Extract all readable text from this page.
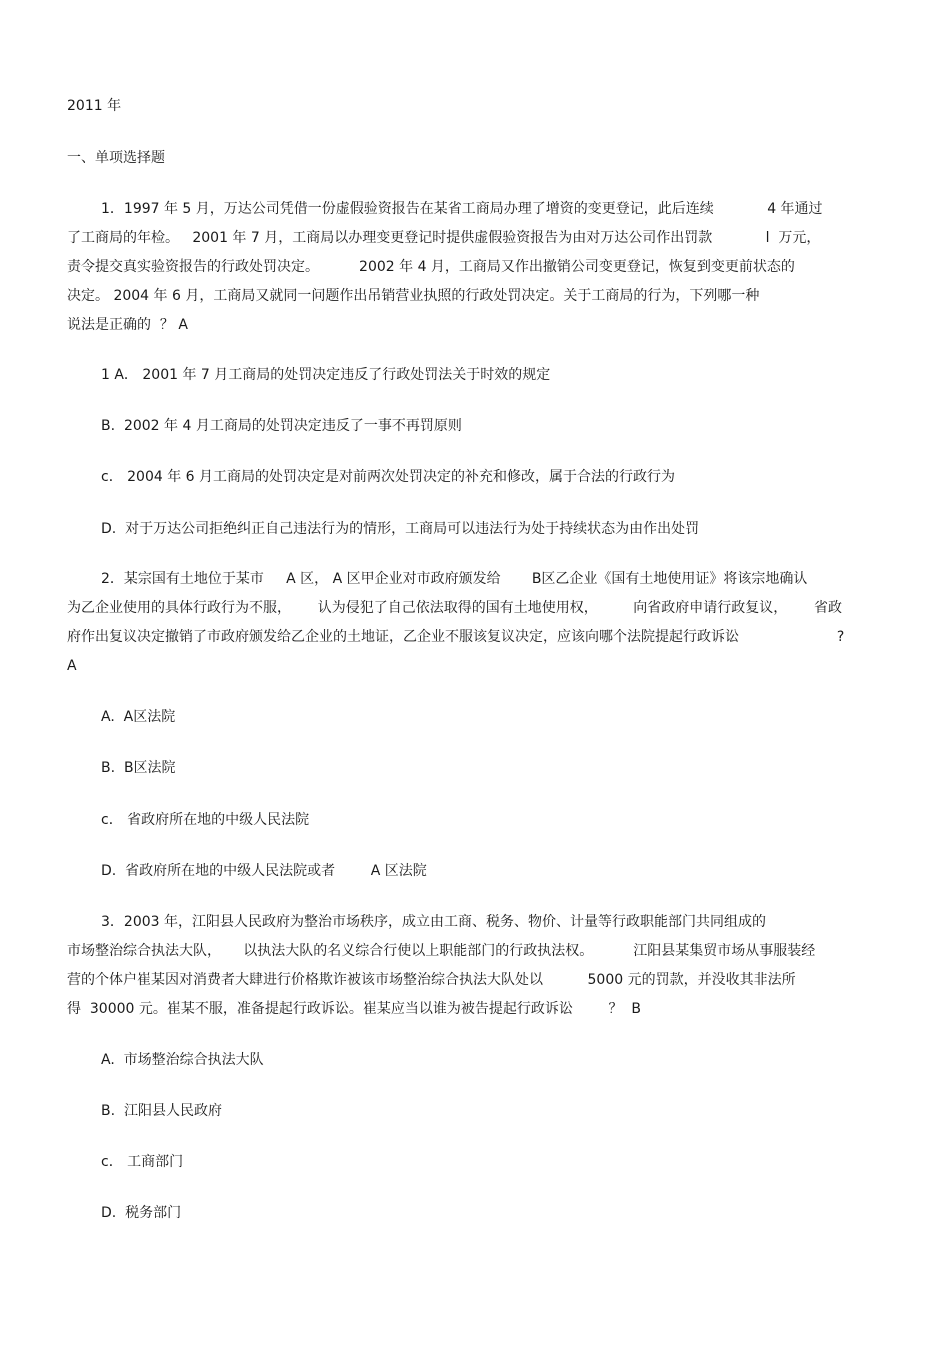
2011 年
一、单项选择题
1．1997 年 5 月，万达公司凭借一份虚假验资报告在某省工商局办理了增资的变更登记，此后连续            4 年通过
了工商局的年检。   2001 年 7 月，工商局以办理变更登记时提供虚假验资报告为由对万达公司作出罚款            l  万元，
责令提交真实验资报告的行政处罚决定。         2002 年 4 月，工商局又作出撤销公司变更登记，恢复到变更前状态的
决定。 2004 年 6 月，工商局又就同一问题作出吊销营业执照的行政处罚决定。关于工商局的行为，下列哪一种
说法是正确的  ？ A
1 A． 2001 年 7 月工商局的处罚决定违反了行政处罚法关于时效的规定
B.  2002 年 4 月工商局的处罚决定违反了一事不再罚原则
c． 2004 年 6 月工商局的处罚决定是对前两次处罚决定的补充和修改，属于合法的行政行为
D.  对于万达公司拒绝纠正自己违法行为的情形，工商局可以违法行为处于持续状态为由作出处罚
2．某宗国有土地位于某市     A 区， A 区甲企业对市政府颁发给       B区乙企业《国有土地使用证》将该宗地确认
为乙企业使用的具体行政行为不服，      认为侵犯了自己依法取得的国有土地使用权，        向省政府申请行政复议，      省政
府作出复议决定撤销了市政府颁发给乙企业的土地证，乙企业不服该复议决定，应该向哪个法院提起行政诉讼                      ?
A
A.  A区法院
B.  B区法院
c． 省政府所在地的中级人民法院
D.  省政府所在地的中级人民法院或者        A 区法院
3．2003 年，江阳县人民政府为整治市场秩序，成立由工商、税务、物价、计量等行政职能部门共同组成的
市场整治综合执法大队，     以执法大队的名义综合行使以上职能部门的行政执法权。         江阳县某集贸市场从事服装经
营的个体户崔某因对消费者大肆进行价格欺诈被该市场整治综合执法大队处以          5000 元的罚款，并没收其非法所
得  30000 元。崔某不服，准备提起行政诉讼。崔某应当以谁为被告提起行政诉讼        ？  B
A.  市场整治综合执法大队
B.  江阳县人民政府
c． 工商部门
D.  税务部门
